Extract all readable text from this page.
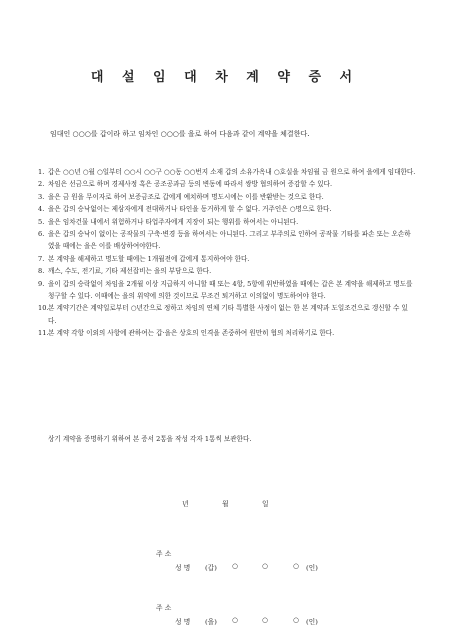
대 설 임 대 차 계 약 증 서
임대인 ○○○를 갑이라 하고 임차인 ○○○를 을로 하여 다음과 같이 계약을 체결한다.
1. 갑은 ○○년 ○월 ○일부터 ○○시 ○○구 ○○동 ○○번지 소재 갑의 소유가옥내 ○호실을 차임월 금 원으로 하여 을에게 임대한다.
2. 차임은 선금으로 하며 경제사정 혹은 공조공과금 등의 변동에 따라서 쌍방 협의하여 증감할 수 있다.
3. 을은 금 원을 무이자로 하여 보증금조로 갑에게 예치하며 명도시에는 이를 반환받는 것으로 한다.
4. 을은 갑의 승낙없이는 제삼자에게 전대하거나 타인을 동거하게 할 수 없다. 거주인은 ○명으로 한다.
5. 을은 임차건물 내에서 위험하거나 타업주자에게 지장이 되는 행위를 하여서는 아니된다.
6. 을은 갑의 승낙이 없이는 공작물의 구축·변경 등을 하여서는 아니된다. 그리고 부주의로 인하여 공작물 기타를 파손 또는 오손하였을 때에는 을은 이를 배상하여야한다.
7. 본 계약을 해제하고 명도할 때에는 1개월전에 갑에게 통지하여야 한다.
8. 깨스, 수도, 전기료, 기타 제선잡비는 을의 부담으로 한다.
9. 을이 갑의 승락없이 차임을 2개월 이상 지급하지 아니할 때 또는 4항, 5항에 위반하였을 때에는 갑은 본 계약을 해제하고 명도를 청구할 수 있다. 이때에는 을의 위약에 의한 것이므로 무조건 퇴거하고 이의없이 명도하여야 한다.
10. 본 계약기간은 계약일로부터 ○년간으로 정하고 차임의 연체 기타 특별한 사정이 없는 한 본 계약과 도일조건으로 갱신할 수 있다.
11. 본 계약 각항 이외의 사항에 관하여는 갑·을은 상호의 인격을 존중하여 원만히 협의 처리하기로 한다.
상기 계약을 증명하기 위하여 본 증서 2통을 작성 각자 1통씩 보관한다.
년	월	일
주 소
성 명 (갑) ○	○	○ (인)
주 소
성 명 (을) ○	○	○ (인)
